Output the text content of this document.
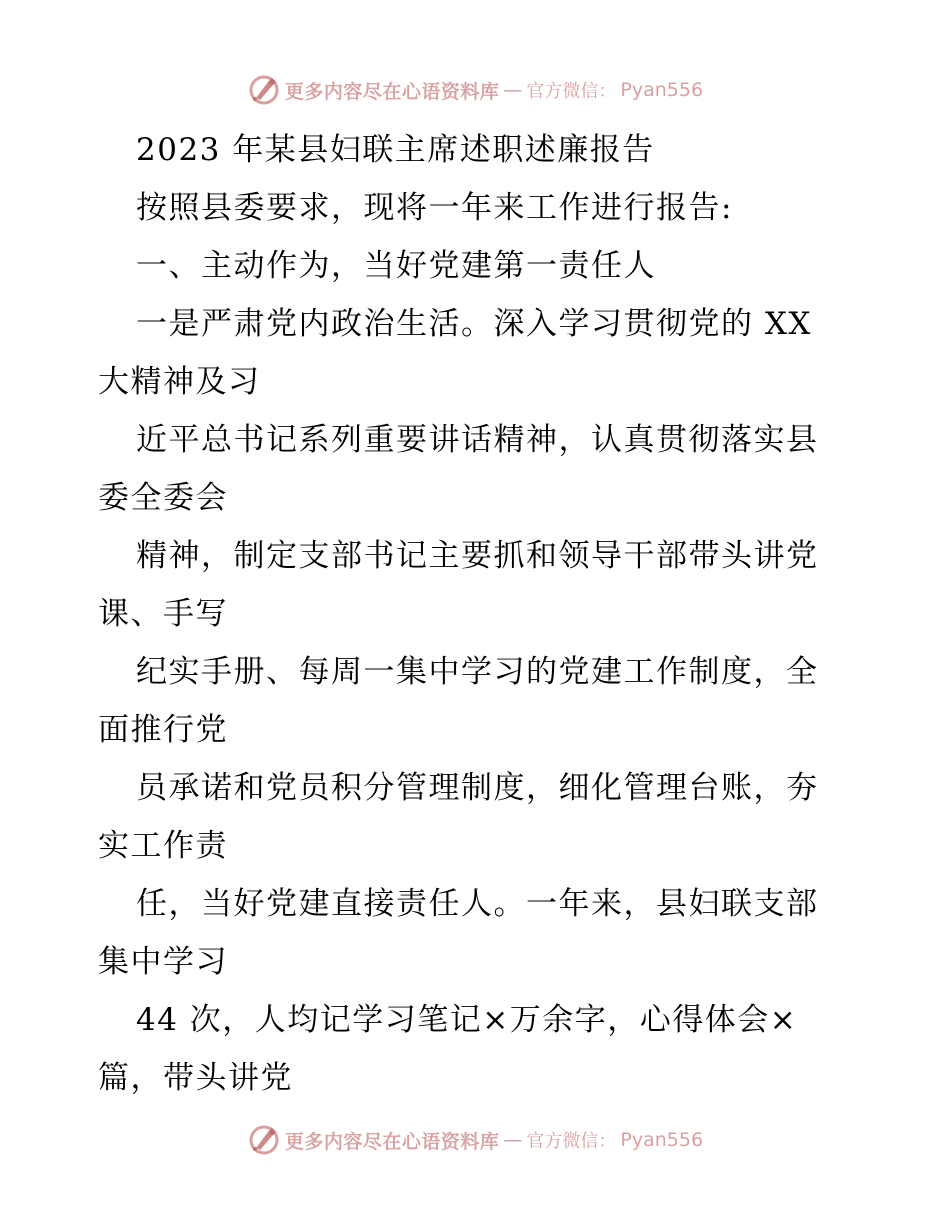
更多内容尽在心语资料库 — 官方微信： Pyan556

2023 年某县妇联主席述职述廉报告

按照县委要求，现将一年来工作进行报告:

一、主动作为，当好党建第一责任人

一是严肃党内政治生活。深入学习贯彻党的 XX

大精神及习

近平总书记系列重要讲话精神，认真贯彻落实县

委全委会

精神，制定支部书记主要抓和领导干部带头讲党

课、手写

纪实手册、每周一集中学习的党建工作制度，全

面推行党

员承诺和党员积分管理制度，细化管理台账，夯

实工作责

任，当好党建直接责任人。一年来，县妇联支部

集中学习

44 次，人均记学习笔记×万余字，心得体会×

篇，带头讲党

更多内容尽在心语资料库 — 官方微信： Pyan556
